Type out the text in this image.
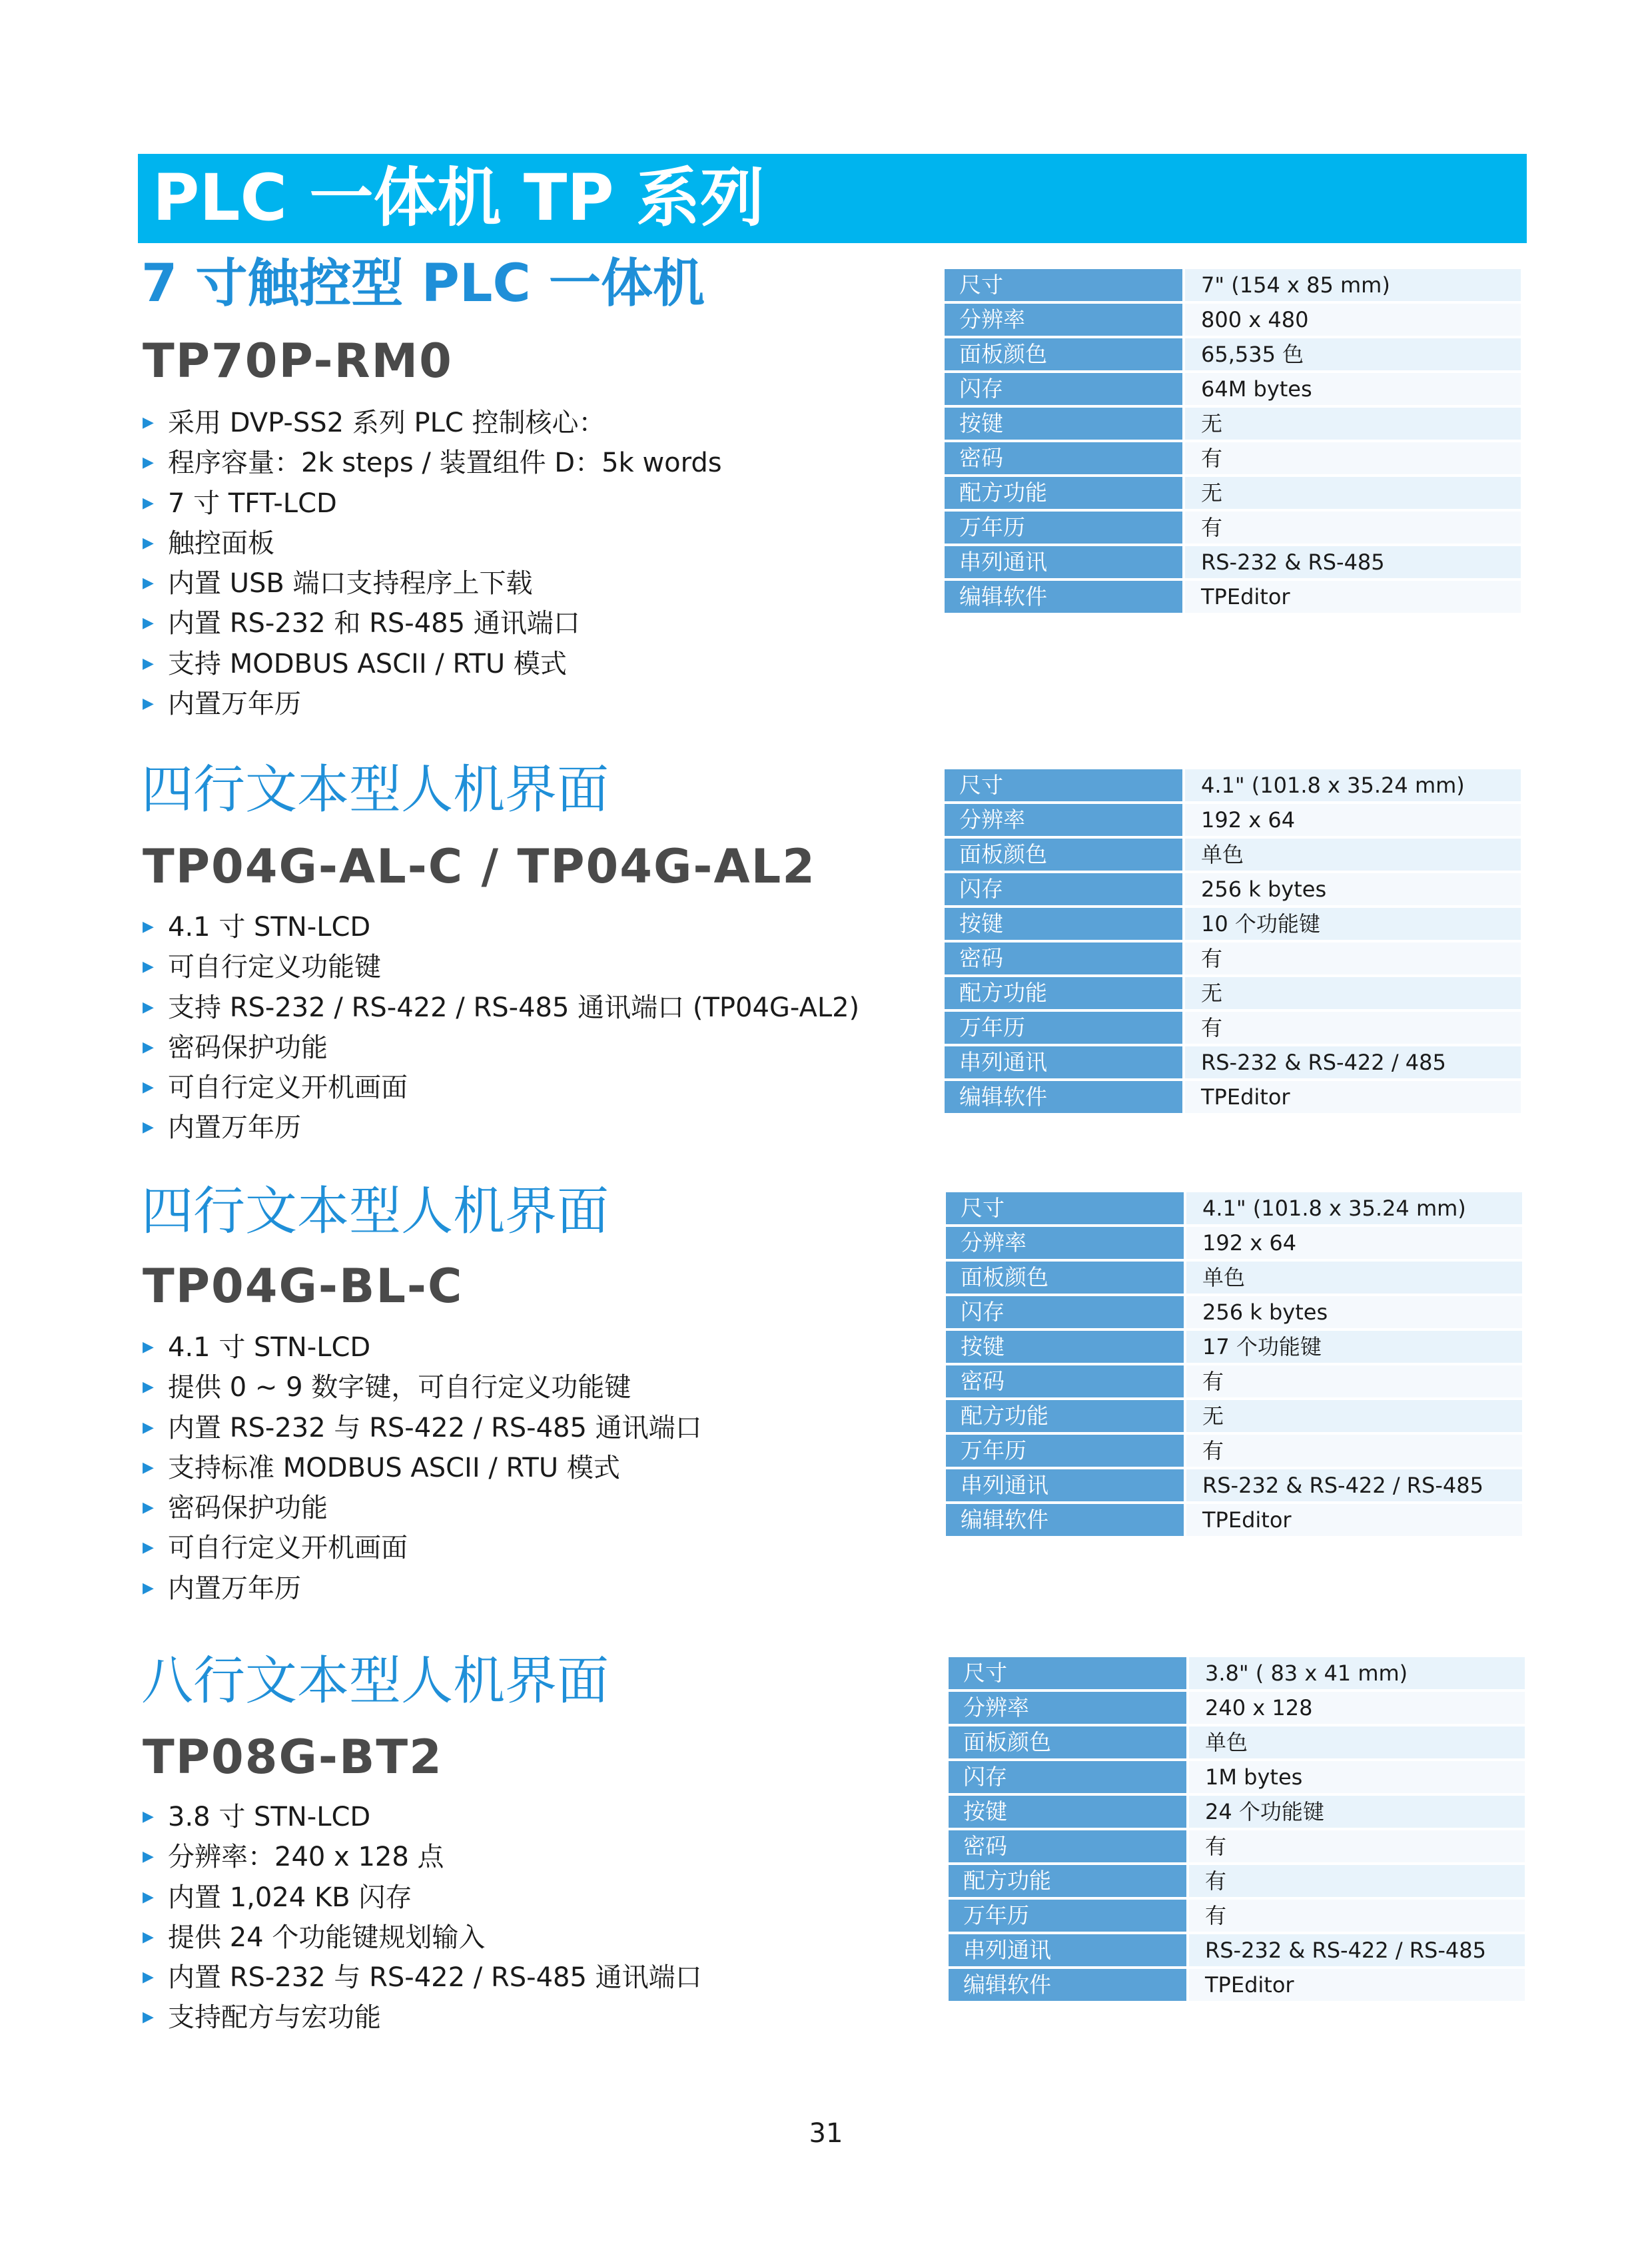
PLC 一体机 TP 系列
7 寸触控型 PLC 一体机
TP70P-RM0
▶ 采用 DVP-SS2 系列 PLC 控制核心：
▶ 程序容量：2k steps / 装置组件 D：5k words
▶ 7 寸 TFT-LCD
▶ 触控面板
▶ 内置 USB 端口支持程序上下载
▶ 内置 RS-232 和 RS-485 通讯端口
▶ 支持 MODBUS ASCII / RTU 模式
▶ 内置万年历
尺寸	7" (154 x 85 mm)
分辨率	800 x 480
面板颜色	65,535 色
闪存	64M bytes
按键	无
密码	有
配方功能	无
万年历	有
串列通讯	RS-232 & RS-485
编辑软件	TPEditor
四行文本型人机界面
TP04G-AL-C / TP04G-AL2
▶ 4.1 寸 STN-LCD
▶ 可自行定义功能键
▶ 支持 RS-232 / RS-422 / RS-485 通讯端口 (TP04G-AL2)
▶ 密码保护功能
▶ 可自行定义开机画面
▶ 内置万年历
尺寸	4.1" (101.8 x 35.24 mm)
分辨率	192 x 64
面板颜色	单色
闪存	256 k bytes
按键	10 个功能键
密码	有
配方功能	无
万年历	有
串列通讯	RS-232 & RS-422 / 485
编辑软件	TPEditor
四行文本型人机界面
TP04G-BL-C
▶ 4.1 寸 STN-LCD
▶ 提供 0 ~ 9 数字键，可自行定义功能键
▶ 内置 RS-232 与 RS-422 / RS-485 通讯端口
▶ 支持标准 MODBUS ASCII / RTU 模式
▶ 密码保护功能
▶ 可自行定义开机画面
▶ 内置万年历
尺寸	4.1" (101.8 x 35.24 mm)
分辨率	192 x 64
面板颜色	单色
闪存	256 k bytes
按键	17 个功能键
密码	有
配方功能	无
万年历	有
串列通讯	RS-232 & RS-422 / RS-485
编辑软件	TPEditor
八行文本型人机界面
TP08G-BT2
▶ 3.8 寸 STN-LCD
▶ 分辨率：240 x 128 点
▶ 内置 1,024 KB 闪存
▶ 提供 24 个功能键规划输入
▶ 内置 RS-232 与 RS-422 / RS-485 通讯端口
▶ 支持配方与宏功能
尺寸	3.8" ( 83 x 41 mm)
分辨率	240 x 128
面板颜色	单色
闪存	1M bytes
按键	24 个功能键
密码	有
配方功能	有
万年历	有
串列通讯	RS-232 & RS-422 / RS-485
编辑软件	TPEditor
31
